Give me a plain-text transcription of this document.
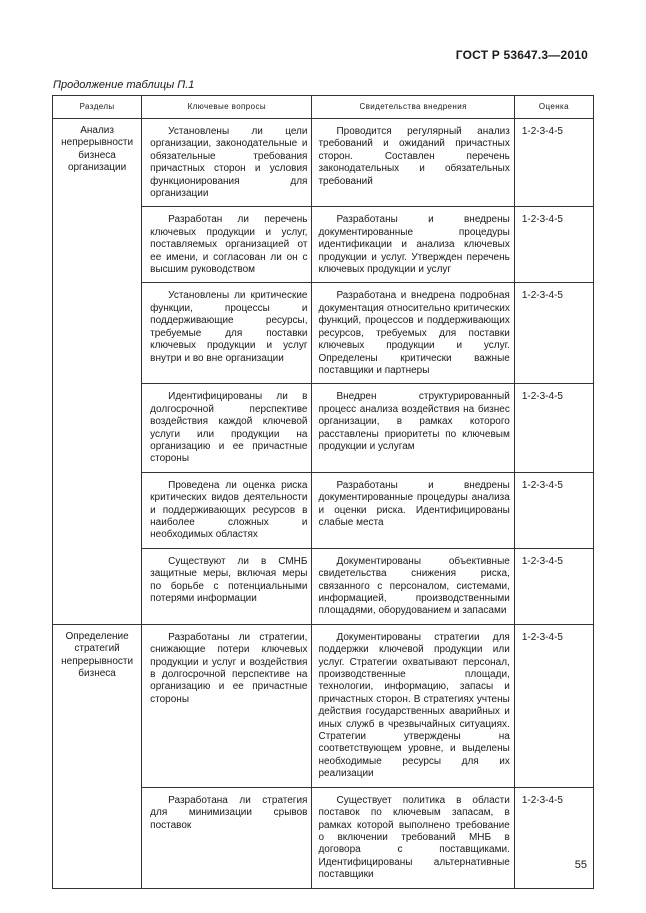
ГОСТ Р 53647.3—2010
Продолжение таблицы П.1
Разделы	Ключевые вопросы	Свидетельства внедрения	Оценка
Анализ непрерывности бизнеса организации	Установлены ли цели организации, законодательные и обязательные требования причастных сторон и условия функционирования для организации	Проводится регулярный анализ требований и ожиданий причастных сторон. Составлен перечень законодательных и обязательных требований	1-2-3-4-5
	Разработан ли перечень ключевых продукции и услуг, поставляемых организацией от ее имени, и согласован ли он с высшим руководством	Разработаны и внедрены документированные процедуры идентификации и анализа ключевых продукции и услуг. Утвержден перечень ключевых продукции и услуг	1-2-3-4-5
	Установлены ли критические функции, процессы и поддерживающие ресурсы, требуемые для поставки ключевых продукции и услуг внутри и во вне организации	Разработана и внедрена подробная документация относительно критических функций, процессов и поддерживающих ресурсов, требуемых для поставки ключевых продукции и услуг. Определены критически важные поставщики и партнеры	1-2-3-4-5
	Идентифицированы ли в долгосрочной перспективе воздействия каждой ключевой услуги или продукции на организацию и ее причастные стороны	Внедрен структурированный процесс анализа воздействия на бизнес организации, в рамках которого расставлены приоритеты по ключевым продукции и услугам	1-2-3-4-5
	Проведена ли оценка риска критических видов деятельности и поддерживающих ресурсов в наиболее сложных и необходимых областях	Разработаны и внедрены документированные процедуры анализа и оценки риска. Идентифицированы слабые места	1-2-3-4-5
	Существуют ли в СМНБ защитные меры, включая меры по борьбе с потенциальными потерями информации	Документированы объективные свидетельства снижения риска, связанного с персоналом, системами, информацией, производственными площадями, оборудованием и запасами	1-2-3-4-5
Определение стратегий непрерывности бизнеса	Разработаны ли стратегии, снижающие потери ключевых продукции и услуг и воздействия в долгосрочной перспективе на организацию и ее причастные стороны	Документированы стратегии для поддержки ключевой продукции или услуг. Стратегии охватывают персонал, производственные площади, технологии, информацию, запасы и причастных сторон. В стратегиях учтены действия государственных аварийных и иных служб в чрезвычайных ситуациях. Стратегии утверждены на соответствующем уровне, и выделены необходимые ресурсы для их реализации	1-2-3-4-5
	Разработана ли стратегия для минимизации срывов поставок	Существует политика в области поставок по ключевым запасам, в рамках которой выполнено требование о включении требований МНБ в договора с поставщиками. Идентифицированы альтернативные поставщики	1-2-3-4-5
55
